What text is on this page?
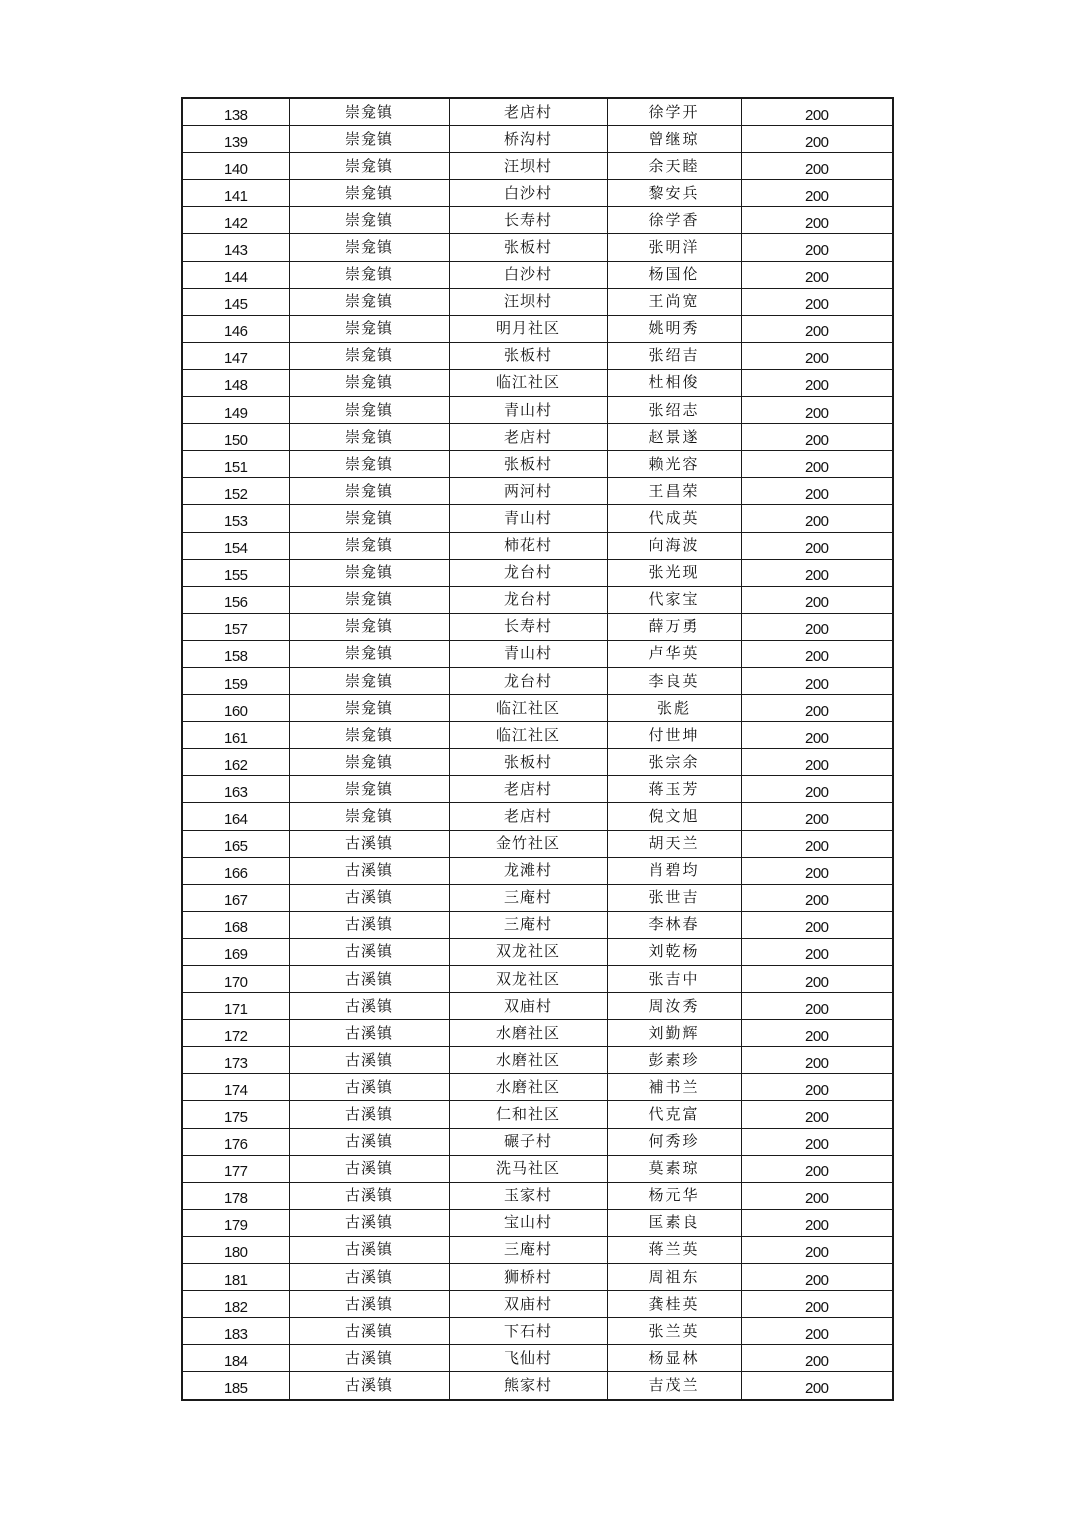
138	崇龛镇	老店村	徐学开	200
139	崇龛镇	桥沟村	曾继琼	200
140	崇龛镇	汪坝村	余天睦	200
141	崇龛镇	白沙村	黎安兵	200
142	崇龛镇	长寿村	徐学香	200
143	崇龛镇	张板村	张明洋	200
144	崇龛镇	白沙村	杨国伦	200
145	崇龛镇	汪坝村	王尚宽	200
146	崇龛镇	明月社区	姚明秀	200
147	崇龛镇	张板村	张绍吉	200
148	崇龛镇	临江社区	杜相俊	200
149	崇龛镇	青山村	张绍志	200
150	崇龛镇	老店村	赵景遂	200
151	崇龛镇	张板村	赖光容	200
152	崇龛镇	两河村	王昌荣	200
153	崇龛镇	青山村	代成英	200
154	崇龛镇	柿花村	向海波	200
155	崇龛镇	龙台村	张光现	200
156	崇龛镇	龙台村	代家宝	200
157	崇龛镇	长寿村	薛万勇	200
158	崇龛镇	青山村	卢华英	200
159	崇龛镇	龙台村	李良英	200
160	崇龛镇	临江社区	张彪	200
161	崇龛镇	临江社区	付世坤	200
162	崇龛镇	张板村	张宗余	200
163	崇龛镇	老店村	蒋玉芳	200
164	崇龛镇	老店村	倪文旭	200
165	古溪镇	金竹社区	胡天兰	200
166	古溪镇	龙滩村	肖碧均	200
167	古溪镇	三庵村	张世吉	200
168	古溪镇	三庵村	李林春	200
169	古溪镇	双龙社区	刘乾杨	200
170	古溪镇	双龙社区	张吉中	200
171	古溪镇	双庙村	周汝秀	200
172	古溪镇	水磨社区	刘勤辉	200
173	古溪镇	水磨社区	彭素珍	200
174	古溪镇	水磨社区	補书兰	200
175	古溪镇	仁和社区	代克富	200
176	古溪镇	碾子村	何秀珍	200
177	古溪镇	洗马社区	莫素琼	200
178	古溪镇	玉家村	杨元华	200
179	古溪镇	宝山村	匡素良	200
180	古溪镇	三庵村	蒋兰英	200
181	古溪镇	狮桥村	周祖东	200
182	古溪镇	双庙村	龚桂英	200
183	古溪镇	下石村	张兰英	200
184	古溪镇	飞仙村	杨显林	200
185	古溪镇	熊家村	吉茂兰	200
